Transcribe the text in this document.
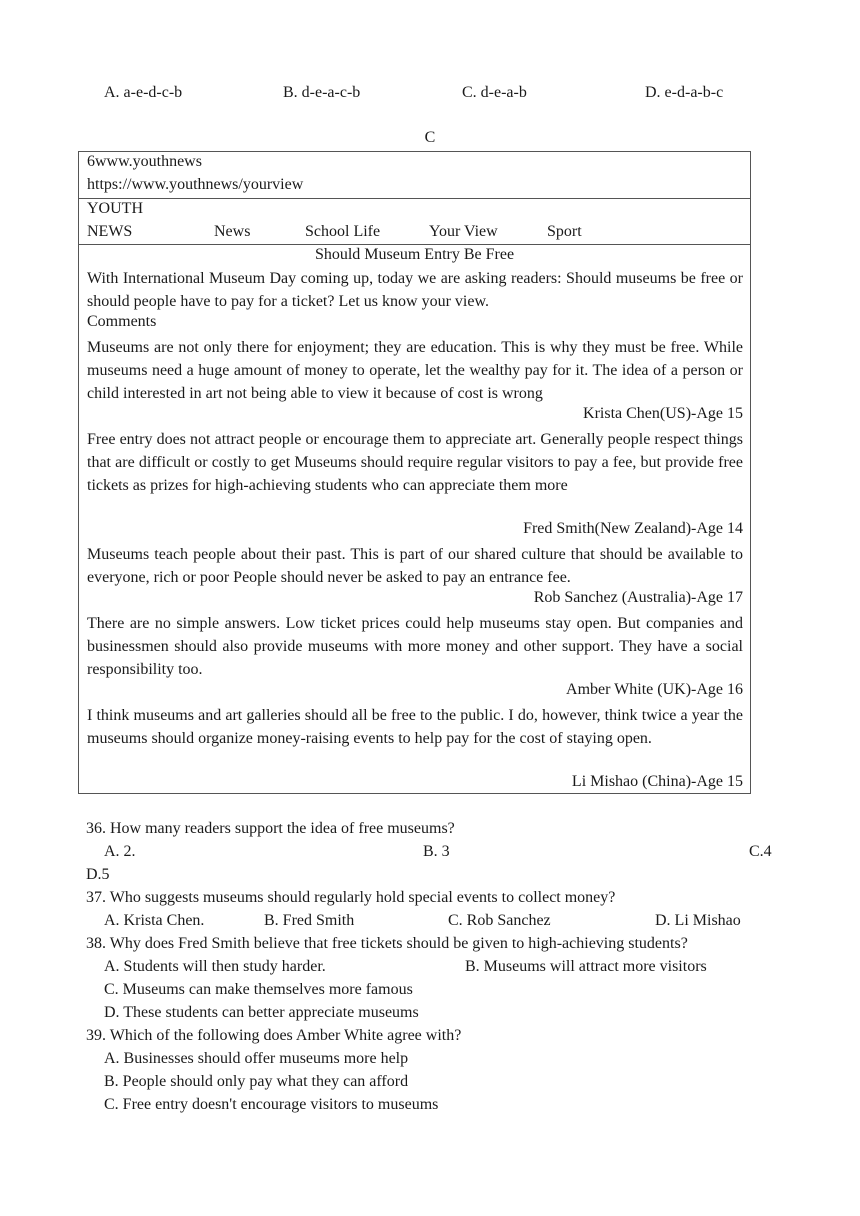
A. a-e-d-c-b	B. d-e-a-c-b	C. d-e-a-b	D. e-d-a-b-c
C
6www.youthnews
https://www.youthnews/yourview
YOUTH
NEWS	News	School Life	Your View	Sport
Should Museum Entry Be Free
With International Museum Day coming up, today we are asking readers: Should museums be free or should people have to pay for a ticket? Let us know your view.
Comments
Museums are not only there for enjoyment; they are education. This is why they must be free. While museums need a huge amount of money to operate, let the wealthy pay for it. The idea of a person or child interested in art not being able to view it because of cost is wrong
Krista Chen(US)-Age 15
Free entry does not attract people or encourage them to appreciate art. Generally people respect things that are difficult or costly to get Museums should require regular visitors to pay a fee, but provide free tickets as prizes for high-achieving students who can appreciate them more
Fred Smith(New Zealand)-Age 14
Museums teach people about their past. This is part of our shared culture that should be available to everyone, rich or poor People should never be asked to pay an entrance fee.
Rob Sanchez (Australia)-Age 17
There are no simple answers. Low ticket prices could help museums stay open. But companies and businessmen should also provide museums with more money and other support. They have a social responsibility too.
Amber White (UK)-Age 16
I think museums and art galleries should all be free to the public. I do, however, think twice a year the museums should organize money-raising events to help pay for the cost of staying open.
Li Mishao (China)-Age 15
36. How many readers support the idea of free museums?
A. 2.	B. 3	C.4
D.5
37. Who suggests museums should regularly hold special events to collect money?
A. Krista Chen.	B. Fred Smith	C. Rob Sanchez	D. Li Mishao
38. Why does Fred Smith believe that free tickets should be given to high-achieving students?
A. Students will then study harder.	B. Museums will attract more visitors
C. Museums can make themselves more famous
D. These students can better appreciate museums
39. Which of the following does Amber White agree with?
A. Businesses should offer museums more help
B. People should only pay what they can afford
C. Free entry doesn't encourage visitors to museums
